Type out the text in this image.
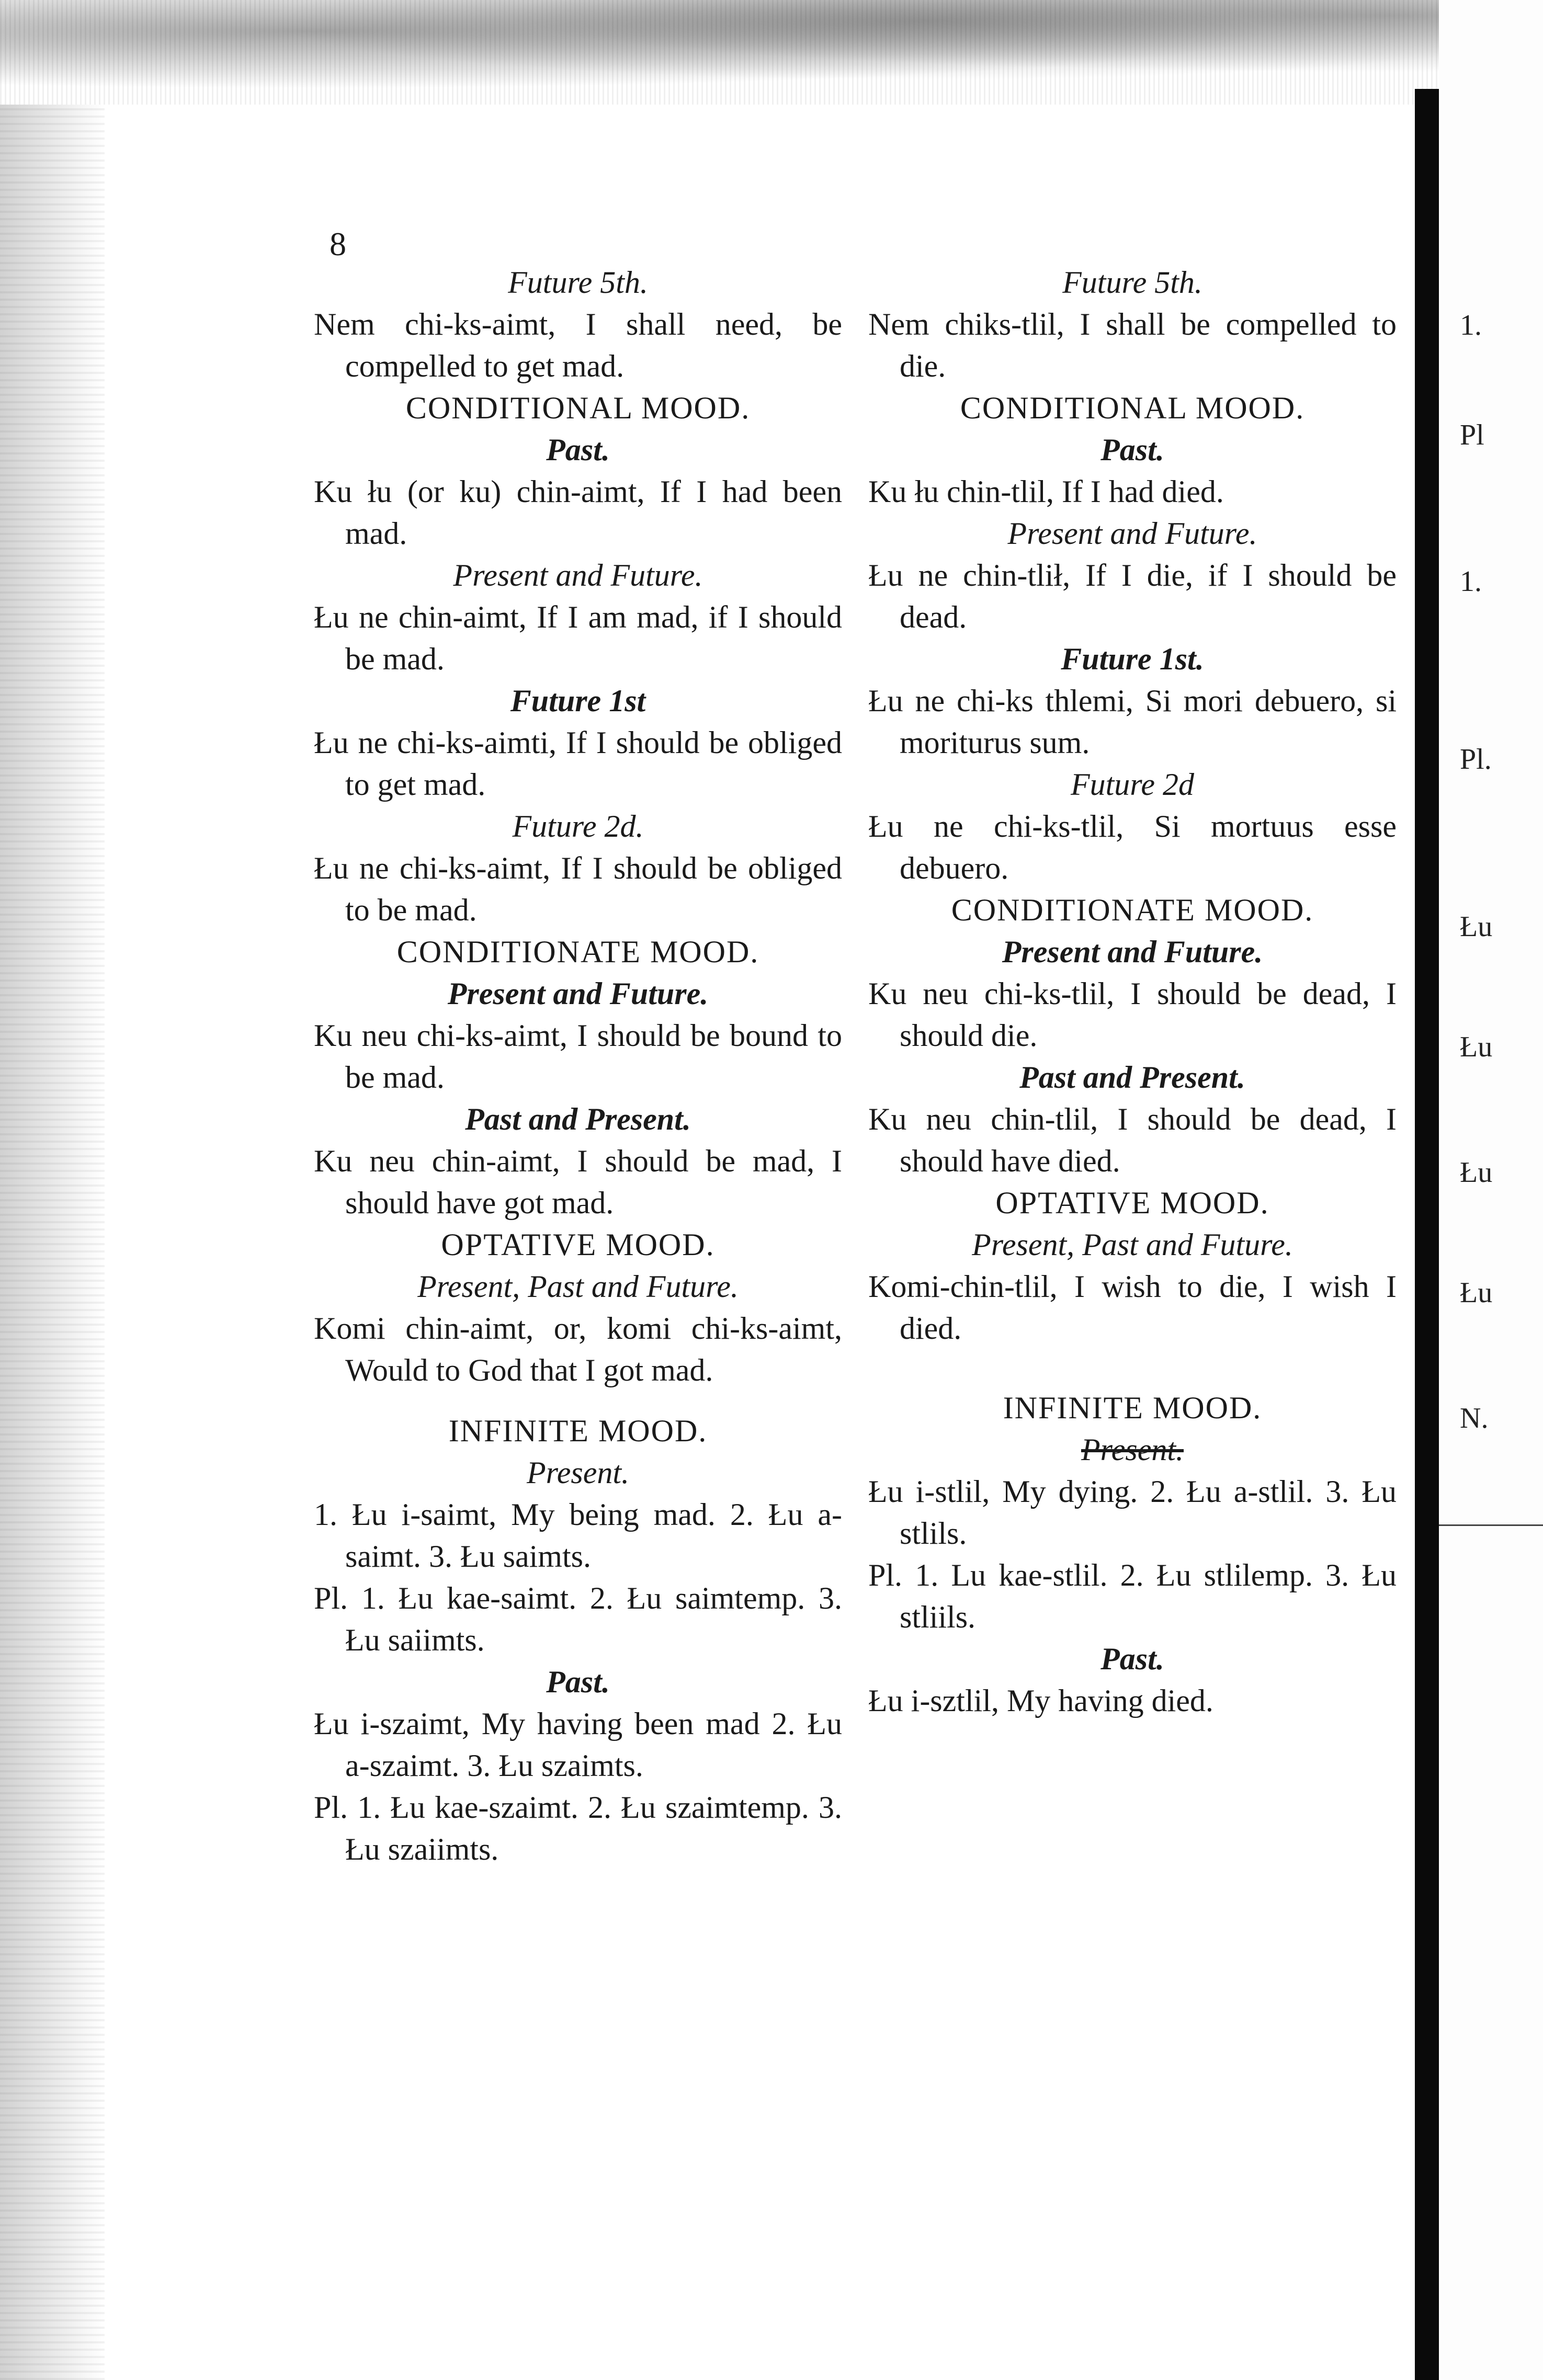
8
Future 5th.

Nem chi-ks-aimt, I shall need, be compelled to get mad.

CONDITIONAL MOOD.
Past.

Ku łu (or ku) chin-aimt, If I had been mad.

Present and Future.

Łu ne chin-aimt, If I am mad, if I should be mad.

Future 1st

Łu ne chi-ks-aimti, If I should be obliged to get mad.

Future 2d.

Łu ne chi-ks-aimt, If I should be obliged to be mad.

CONDITIONATE MOOD.
Present and Future.

Ku neu chi-ks-aimt, I should be bound to be mad.

Past and Present.

Ku neu chin-aimt, I should be mad, I should have got mad.

OPTATIVE MOOD.
Present, Past and Future.

Komi chin-aimt, or, komi chi-ks-aimt, Would to God that I got mad.

INFINITE MOOD.
Present.

1. Łu i-saimt, My being mad. 2. Łu a-saimt. 3. Łu saimts.

Pl. 1. Łu kae-saimt. 2. Łu saimtemp. 3. Łu saiimts.

Past.

Łu i-szaimt, My having been mad 2. Łu a-szaimt. 3. Łu szaimts.

Pl. 1. Łu kae-szaimt. 2. Łu szaimtemp. 3. Łu szaiimts.

Future 5th.

Nem chiks-tlil, I shall be compelled to die.

CONDITIONAL MOOD.
Past.

Ku łu chin-tlil, If I had died.

Present and Future.

Łu ne chin-tlił, If I die, if I should be dead.

Future 1st.

Łu ne chi-ks thlemi, Si mori debuero, si moriturus sum.

Future 2d

Łu ne chi-ks-tlil, Si mortuus esse debuero.

CONDITIONATE MOOD.
Present and Future.

Ku neu chi-ks-tlil, I should be dead, I should die.

Past and Present.

Ku neu chin-tlil, I should be dead, I should have died.

OPTATIVE MOOD.
Present, Past and Future.

Komi-chin-tlil, I wish to die, I wish I died.

INFINITE MOOD.
Present.

Łu i-stlil, My dying. 2. Łu a-stlil. 3. Łu stlils.

Pl. 1. Lu kae-stlil. 2. Łu stlilemp. 3. Łu stliils.

Past.

Łu i-sztlil, My having died.

1.
Pl
1.
Pl.
Łu
Łu
Łu
Łu
N.
